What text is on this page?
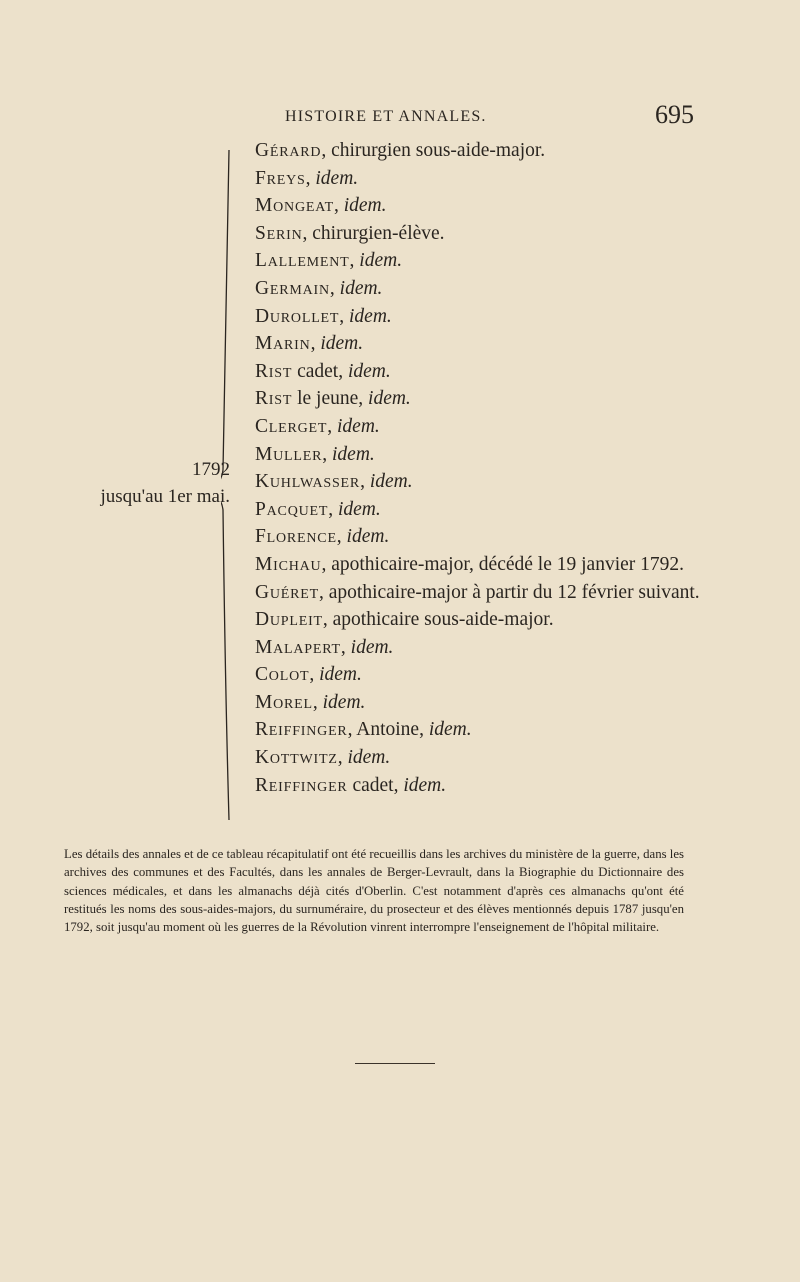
HISTOIRE ET ANNALES.	695
1792
jusqu'au 1er mai.
Gérard, chirurgien sous-aide-major.
Freys, idem.
Mongeat, idem.
Serin, chirurgien-élève.
Lallement, idem.
Germain, idem.
Durollet, idem.
Marin, idem.
Rist cadet, idem.
Rist le jeune, idem.
Clerget, idem.
Muller, idem.
Kuhlwasser, idem.
Pacquet, idem.
Florence, idem.
Michau, apothicaire-major, décédé le 19 janvier 1792.
Guéret, apothicaire-major à partir du 12 février suivant.
Dupleit, apothicaire sous-aide-major.
Malapert, idem.
Colot, idem.
Morel, idem.
Reiffinger, Antoine, idem.
Kottwitz, idem.
Reiffinger cadet, idem.

Les détails des annales et de ce tableau récapitulatif ont été recueillis dans les archives du ministère de la guerre, dans les archives des communes et des Facultés, dans les annales de Berger-Levrault, dans la Biographie du Dictionnaire des sciences médicales, et dans les almanachs déjà cités d'Oberlin. C'est notamment d'après ces almanachs qu'ont été restitués les noms des sous-aides-majors, du surnuméraire, du prosecteur et des élèves mentionnés depuis 1787 jusqu'en 1792, soit jusqu'au moment où les guerres de la Révolution vinrent interrompre l'enseignement de l'hôpital militaire.
